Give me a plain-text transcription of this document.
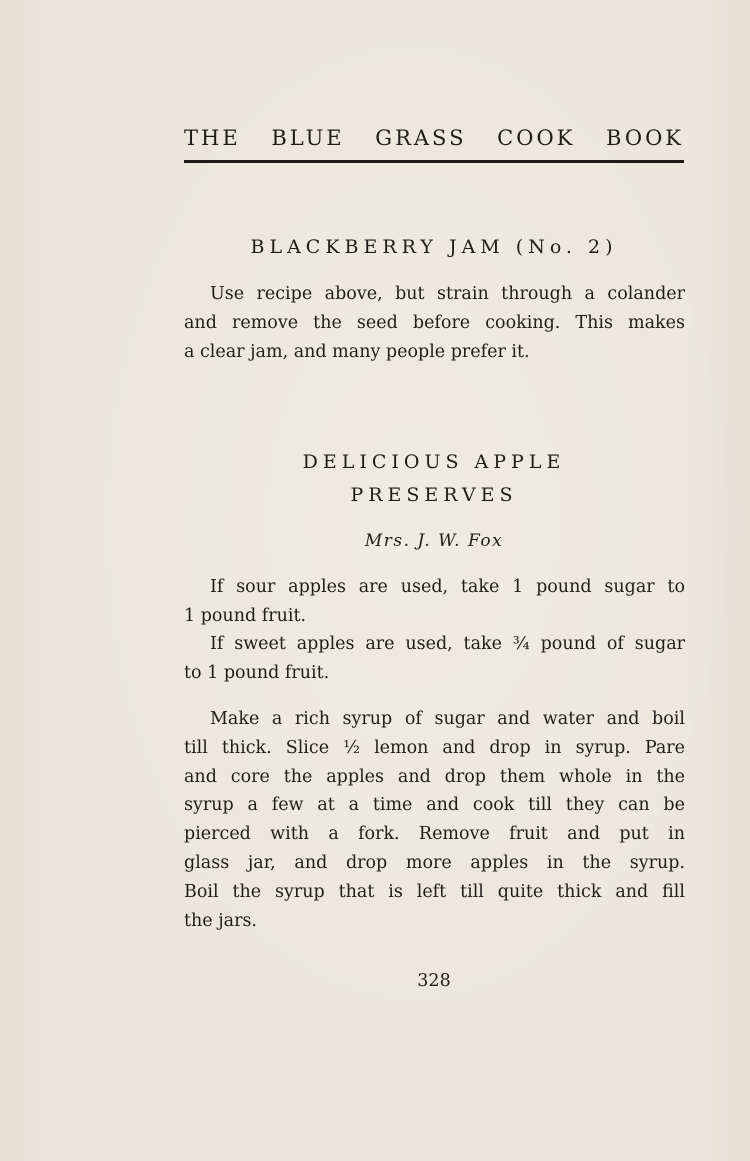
THE BLUE GRASS COOK BOOK
BLACKBERRY JAM (No. 2)

Use recipe above, but strain through a colander
and remove the seed before cooking. This makes
a clear jam, and many people prefer it.

DELICIOUS APPLE
PRESERVES
Mrs. J. W. Fox

If sour apples are used, take 1 pound sugar to
1 pound fruit.

If sweet apples are used, take ¾ pound of sugar
to 1 pound fruit.

Make a rich syrup of sugar and water and boil
till thick. Slice ½ lemon and drop in syrup. Pare
and core the apples and drop them whole in the
syrup a few at a time and cook till they can be
pierced with a fork. Remove fruit and put in
glass jar, and drop more apples in the syrup.
Boil the syrup that is left till quite thick and fill
the jars.

328
